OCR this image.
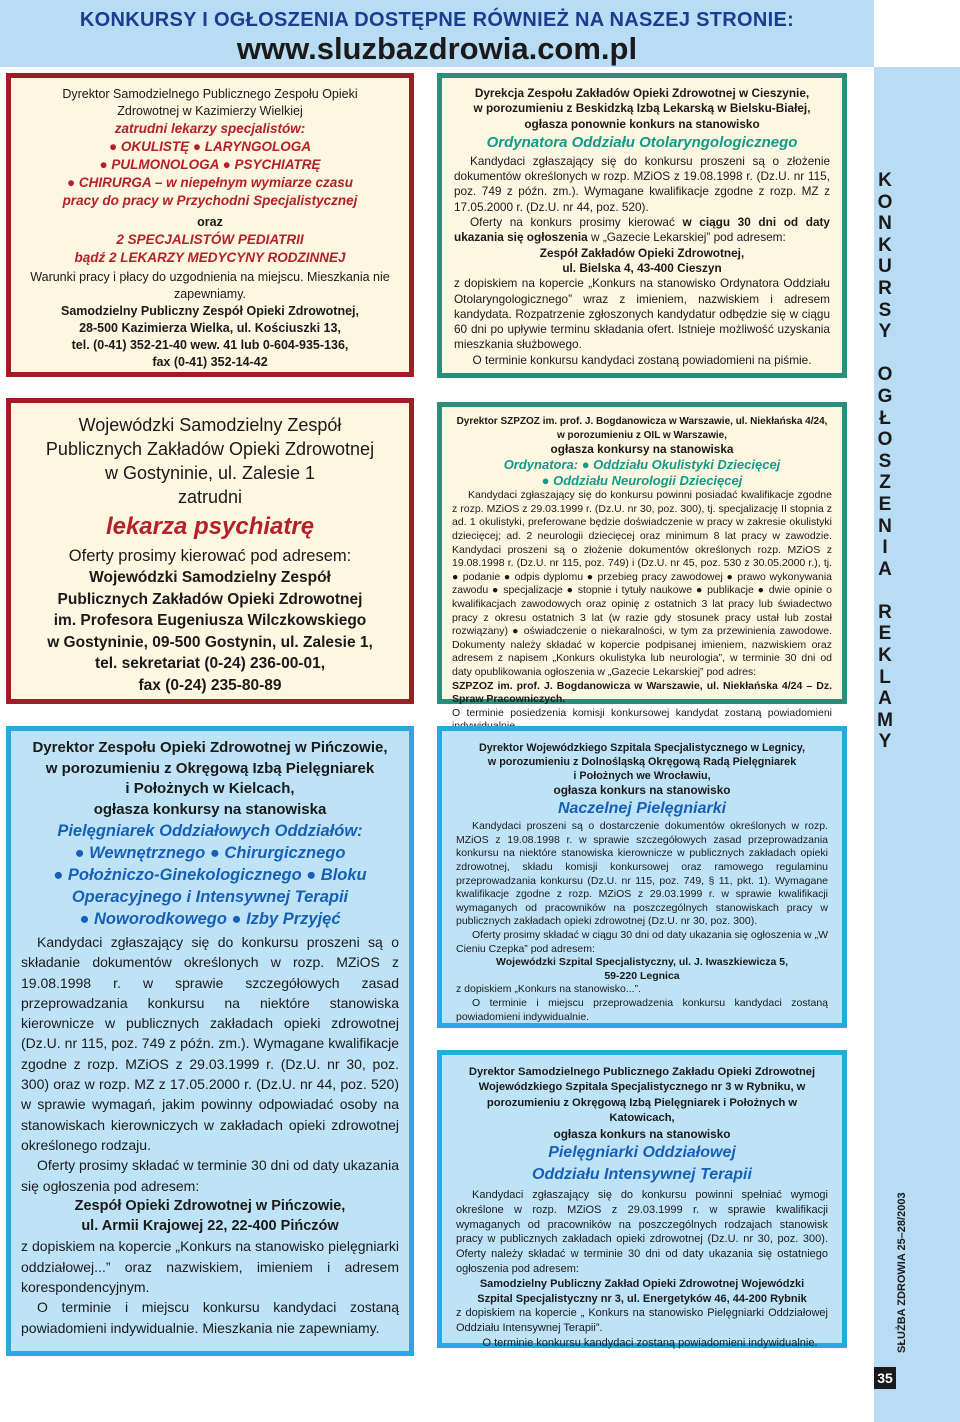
KONKURSY I OGŁOSZENIA DOSTĘPNE RÓWNIEŻ NA NASZEJ STRONIE:
www.sluzbazdrowia.com.pl
K
O
N
K
U
R
S
Y

O
G
Ł
O
S
Z
E
N
I
A

R
E
K
L
A
M
Y
SŁUŻBA ZDROWIA 25–28/2003
35

Dyrektor Samodzielnego Publicznego Zespołu Opieki

Zdrowotnej w Kazimierzy Wielkiej

zatrudni lekarzy specjalistów:

● OKULISTĘ ● LARYNGOLOGA

● PULMONOLOGA ● PSYCHIATRĘ

● CHIRURGA – w niepełnym wymiarze czasu

pracy do pracy w Przychodni Specjalistycznej

oraz

2 SPECJALISTÓW PEDIATRII

bądź 2 LEKARZY MEDYCYNY RODZINNEJ

Warunki pracy i płacy do uzgodnienia na miejscu. Mieszkania nie zapewniamy.

Samodzielny Publiczny Zespół Opieki Zdrowotnej,

28-500 Kazimierza Wielka, ul. Kościuszki 13,

tel. (0-41) 352-21-40 wew. 41 lub 0-604-935-136,

fax (0-41) 352-14-42

Wojewódzki Samodzielny Zespół

Publicznych Zakładów Opieki Zdrowotnej

w Gostyninie, ul. Zalesie 1

zatrudni

lekarza psychiatrę

Oferty prosimy kierować pod adresem:

Wojewódzki Samodzielny Zespół

Publicznych Zakładów Opieki Zdrowotnej

im. Profesora Eugeniusza Wilczkowskiego

w Gostyninie, 09-500 Gostynin, ul. Zalesie 1,

tel. sekretariat (0-24) 236-00-01,

fax (0-24) 235-80-89

Dyrekcja Zespołu Zakładów Opieki Zdrowotnej w Cieszynie,

w porozumieniu z Beskidzką Izbą Lekarską w Bielsku-Białej,

ogłasza ponownie konkurs na stanowisko

Ordynatora Oddziału Otolaryngologicznego

Kandydaci zgłaszający się do konkursu proszeni są o złożenie dokumentów określonych w rozp. MZiOS z 19.08.1998 r. (Dz.U. nr 115, poz. 749 z późn. zm.). Wymagane kwalifikacje zgodne z rozp. MZ z 17.05.2000 r. (Dz.U. nr 44, poz. 520).

Oferty na konkurs prosimy kierować w ciągu 30 dni od daty ukazania się ogłoszenia w „Gazecie Lekarskiej” pod adresem:

Zespół Zakładów Opieki Zdrowotnej,

ul. Bielska 4, 43-400 Cieszyn

z dopiskiem na kopercie „Konkurs na stanowisko Ordynatora Oddziału Otolaryngologicznego” wraz z imieniem, nazwiskiem i adresem kandydata. Rozpatrzenie zgłoszonych kandydatur odbędzie się w ciągu 60 dni po upływie terminu składania ofert. Istnieje możliwość uzyskania mieszkania służbowego.

O terminie konkursu kandydaci zostaną powiadomieni na piśmie.

Dyrektor SZPZOZ im. prof. J. Bogdanowicza w Warszawie, ul. Niekłańska 4/24,

w porozumieniu z OIL w Warszawie,

ogłasza konkursy na stanowiska

Ordynatora: ● Oddziału Okulistyki Dziecięcej

● Oddziału Neurologii Dziecięcej

Kandydaci zgłaszający się do konkursu powinni posiadać kwalifikacje zgodne z rozp. MZiOS z 29.03.1999 r. (Dz.U. nr 30, poz. 300), tj. specjalizację II stopnia z ad. 1 okulistyki, preferowane będzie doświadczenie w pracy w zakresie okulistyki dziecięcej; ad. 2 neurologii dziecięcej oraz minimum 8 lat pracy w zawodzie. Kandydaci proszeni są o złożenie dokumentów określonych rozp. MZiOS z 19.08.1998 r. (Dz.U. nr 115, poz. 749) i (Dz.U. nr 45, poz. 530 z 30.05.2000 r.), tj. ● podanie ● odpis dyplomu ● przebieg pracy zawodowej ● prawo wykonywania zawodu ● specjalizacje ● stopnie i tytuły naukowe ● publikacje ● dwie opinie o kwalifikacjach zawodowych oraz opinię z ostatnich 3 lat pracy lub świadectwo pracy z okresu ostatnich 3 lat (w razie gdy stosunek pracy ustał lub został rozwiązany) ● oświadczenie o niekaralności, w tym za przewinienia zawodowe. Dokumenty należy składać w kopercie podpisanej imieniem, nazwiskiem oraz adresem z napisem „Konkurs okulistyka lub neurologia”, w terminie 30 dni od daty opublikowania ogłoszenia w „Gazecie Lekarskiej” pod adres:

SZPZOZ im. prof. J. Bogdanowicza w Warszawie, ul. Niekłańska 4/24 – Dz. Spraw Pracowniczych.

O terminie posiedzenia komisji konkursowej kandydat zostaną powiadomieni

Dyrektor Zespołu Opieki Zdrowotnej w Pińczowie,

w porozumieniu z Okręgową Izbą Pielęgniarek

i Położnych w Kielcach,

ogłasza konkursy na stanowiska

Pielęgniarek Oddziałowych Oddziałów:

● Wewnętrznego ● Chirurgicznego

● Położniczo-Ginekologicznego ● Bloku

Operacyjnego i Intensywnej Terapii

● Noworodkowego ● Izby Przyjęć

Kandydaci zgłaszający się do konkursu proszeni są o składanie dokumentów określonych w rozp. MZiOS z 19.08.1998 r. w sprawie szczegółowych zasad przeprowadzania konkursu na niektóre stanowiska kierownicze w publicznych zakładach opieki zdrowotnej (Dz.U. nr 115, poz. 749 z późn. zm.). Wymagane kwalifikacje zgodne z rozp. MZiOS z 29.03.1999 r. (Dz.U. nr 30, poz. 300) oraz w rozp. MZ z 17.05.2000 r. (Dz.U. nr 44, poz. 520) w sprawie wymagań, jakim powinny odpowiadać osoby na stanowiskach kierowniczych w zakładach opieki zdrowotnej określonego rodzaju.

Oferty prosimy składać w terminie 30 dni od daty ukazania się ogłoszenia pod adresem:

Zespół Opieki Zdrowotnej w Pińczowie,

ul. Armii Krajowej 22, 22-400 Pińczów

z dopiskiem na kopercie „Konkurs na stanowisko pielęgniarki oddziałowej...” oraz nazwiskiem, imieniem i adresem korespondencyjnym.

O terminie i miejscu konkursu kandydaci zostaną powiadomieni indywidualnie. Mieszkania nie zapewniamy.

Dyrektor Wojewódzkiego Szpitala Specjalistycznego w Legnicy,

w porozumieniu z Dolnośląską Okręgową Radą Pielęgniarek

i Położnych we Wrocławiu,

ogłasza konkurs na stanowisko

Naczelnej Pielęgniarki

Kandydaci proszeni są o dostarczenie dokumentów określonych w rozp. MZiOS z 19.08.1998 r. w sprawie szczegółowych zasad przeprowadzania konkursu na niektóre stanowiska kierownicze w publicznych zakładach opieki zdrowotnej, składu komisji konkursowej oraz ramowego regulaminu przeprowadzania konkursu (Dz.U. nr 115, poz. 749, § 11, pkt. 1). Wymagane kwalifikacje zgodne z rozp. MZiOS z 29.03.1999 r. w sprawie kwalifikacji wymaganych od pracowników na poszczególnych stanowiskach pracy w publicznych zakładach opieki zdrowotnej (Dz.U. nr 30, poz. 300).

Oferty prosimy składać w ciągu 30 dni od daty ukazania się ogłoszenia w „W Cieniu Czepka” pod adresem:

Wojewódzki Szpital Specjalistyczny, ul. J. Iwaszkiewicza 5,

59-220 Legnica

z dopiskiem „Konkurs na stanowisko...”.

O terminie i miejscu przeprowadzenia konkursu kandydaci zostaną powiadomieni indywidualnie.

Dyrektor Samodzielnego Publicznego Zakładu Opieki Zdrowotnej

Wojewódzkiego Szpitala Specjalistycznego nr 3 w Rybniku, w porozumieniu z Okręgową Izbą Pielęgniarek i Położnych w Katowicach,

ogłasza konkurs na stanowisko

Pielęgniarki Oddziałowej

Oddziału Intensywnej Terapii

Kandydaci zgłaszający się do konkursu powinni spełniać wymogi określone w rozp. MZiOS z 29.03.1999 r. w sprawie kwalifikacji wymaganych od pracowników na poszczególnych rodzajach stanowisk pracy w publicznych zakładach opieki zdrowotnej (Dz.U. nr 30, poz. 300). Oferty należy składać w terminie 30 dni od daty ukazania się ostatniego ogłoszenia pod adresem:

Samodzielny Publiczny Zakład Opieki Zdrowotnej Wojewódzki

Szpital Specjalistyczny nr 3, ul. Energetyków 46, 44-200 Rybnik

z dopiskiem na kopercie „ Konkurs na stanowisko Pielęgniarki Oddziałowej Oddziału Intensywnej Terapii”.

O terminie konkursu kandydaci zostaną powiadomieni indywidualnie.
